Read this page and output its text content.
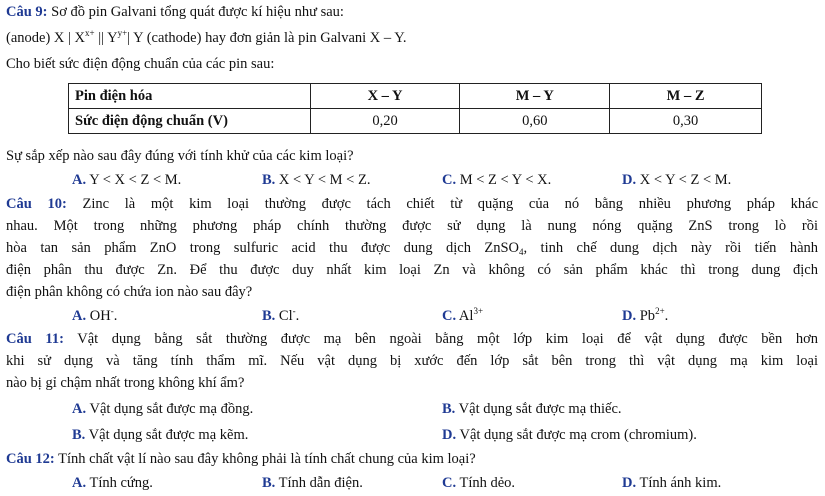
Câu 9: Sơ đồ pin Galvani tổng quát được kí hiệu như sau:
(anode) X | $X^{x+}$ || $Y^{y+}|$ Y (cathode) hay đơn giản là pin Galvani X – Y.
Cho biết sức điện động chuẩn của các pin sau:
Pin điện hóa	X – Y	M – Y	M – Z
Sức điện động chuẩn (V)	0,20	0,60	0,30
Sự sắp xếp nào sau đây đúng với tính khử của các kim loại?
A. Y < X < Z < M.	B. X < Y < M < Z.	C. M < Z < Y < X.	D. X < Y < Z < M.
Câu 10: Zinc là một kim loại thường được tách chiết từ quặng của nó bằng nhiều phương pháp khác
nhau. Một trong những phương pháp chính thường được sử dụng là nung nóng quặng ZnS trong lò rồi
hòa tan sản phẩm ZnO trong sulfuric acid thu được dung dịch ZnSO$_4$, tinh chế dung dịch này rồi tiến hành
điện phân thu được Zn. Để thu được duy nhất kim loại Zn và không có sản phẩm khác thì trong dung địch
điện phân không có chứa ion nào sau đây?
A. OH-.	B. Cl-.	C. $Al^{3+}$	D. $Pb^{2+}$.
Câu 11: Vật dụng bằng sắt thường được mạ bên ngoài bằng một lớp kim loại để vật dụng được bền hơn
khi sử dụng và tăng tính thẩm mĩ. Nếu vật dụng bị xước đến lớp sắt bên trong thì vật dụng mạ kim loại
nào bị gỉ chậm nhất trong không khí ẩm?
A. Vật dụng sắt được mạ đồng.	B. Vật dụng sắt được mạ thiếc.
B. Vật dụng sắt được mạ kẽm.	D. Vật dụng sắt được mạ crom (chromium).
Câu 12: Tính chất vật lí nào sau đây không phải là tính chất chung của kim loại?
A. Tính cứng.	B. Tính dẫn điện.	C. Tính dẻo.	D. Tính ánh kim.
